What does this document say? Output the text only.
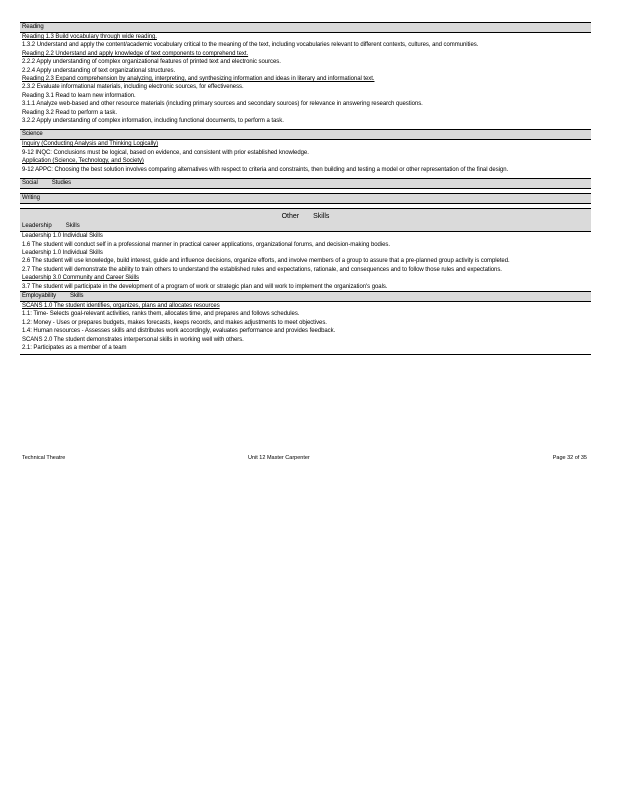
Reading
Reading 1.3 Build vocabulary through wide reading.
1.3.2 Understand and apply the content/academic vocabulary critical to the meaning of the text, including vocabularies relevant to different contexts, cultures, and communities.
Reading 2.2 Understand and apply knowledge of text components to comprehend text.
2.2.2 Apply understanding of complex organizational features of printed text and electronic sources.
2.2.4 Apply understanding of text organizational structures.
Reading 2.3 Expand comprehension by analyzing, interpreting, and synthesizing information and ideas in literary and informational text.
2.3.2 Evaluate informational materials, including electronic sources, for effectiveness.
Reading 3.1 Read to learn new information.
3.1.1 Analyze web-based and other resource materials (including primary sources and secondary sources) for relevance in answering research questions.
Reading 3.2 Read to perform a task.
3.2.2 Apply understanding of complex information, including functional documents, to perform a task.
Science
Inquiry (Conducting Analysis and Thinking Logically)
9-12 INQC: Conclusions must be logical, based on evidence, and consistent with prior established knowledge.
Application (Science, Technology, and Society)
9-12 APPC: Choosing the best solution involves comparing alternatives with respect to criteria and constraints, then building and testing a model or other representation of the final design.
Social Studies
Writing
Other Skills
Leadership Skills
Leadership 1.0 Individual Skills
1.6 The student will conduct self in a professional manner in practical career applications, organizational forums, and decision-making bodies.
Leadership 1.0 Individual Skills
2.6 The student will use knowledge, build interest, guide and influence decisions, organize efforts, and involve members of a group to assure that a pre-planned group activity is completed.
2.7 The student will demonstrate the ability to train others to understand the established rules and expectations, rationale, and consequences and to follow those rules and expectations.
Leadership 3.0 Community and Career Skills
3.7 The student will participate in the development of a program of work or strategic plan and will work to implement the organization's goals.
Employability Skills
SCANS 1.0 The student identifies, organizes, plans and allocates resources
1.1: Time- Selects goal-relevant activities, ranks them, allocates time, and prepares and follows schedules.
1.2: Money - Uses or prepares budgets, makes forecasts, keeps records, and makes adjustments to meet objectives.
1.4: Human resources - Assesses skills and distributes work accordingly, evaluates performance and provides feedback.
SCANS 2.0 The student demonstrates interpersonal skills in working well with others.
2.1: Participates as a member of a team
Technical Theatre	Unit 12 Master Carpenter	Page 32 of 35
